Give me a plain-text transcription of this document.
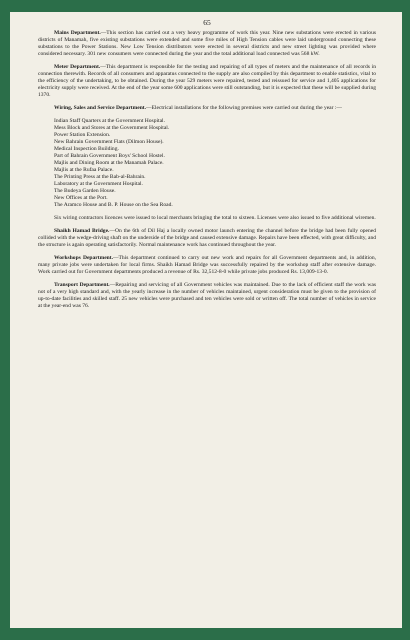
65

Mains Department.—This section has carried out a very heavy programme of work this year. Nine new substations were erected in various districts of Manamah, five existing substations were extended and some five miles of High Tension cables were laid underground connecting these substations to the Power Stations. New Low Tension distributors were erected in several districts and new street lighting was provided where considered necessary. 301 new consumers were connected during the year and the total additional load connected was 568 kW.

Meter Department.—This department is responsible for the testing and repairing of all types of meters and the maintenance of all records in connection therewith. Records of all consumers and apparatus connected to the supply are also compiled by this department to enable statistics, vital to the efficiency of the undertaking, to be obtained. During the year 529 meters were repaired, tested and reissued for service and 1,405 applications for electricity supply were received. At the end of the year some 600 applications were still outstanding, but it is expected that these will be supplied during 1370.

Wiring, Sales and Service Department.—Electrical installations for the following premises were carried out during the year :—

Indian Staff Quarters at the Government Hospital.
Mess Block and Stores at the Government Hospital.
Power Station Extension.
New Bahrain Government Flats (Dilmon House).
Medical Inspection Building.
Part of Bahrain Government Boys' School Hostel.
Majlis and Dining Room at the Manamah Palace.
Majlis at the Rufaa Palace.
The Printing Press at the Bab-al-Bahrain.
Laboratory at the Government Hospital.
The Budeya Garden House.
New Offices at the Port.
The Aramco House and B. P. House on the Sea Road.

Six wiring contractors licences were issued to local merchants bringing the total to sixteen. Licenses were also issued to five additional wiremen.

Shaikh Hamad Bridge.—On the 6th of Dil Haj a locally owned motor launch entering the channel before the bridge had been fully opened collided with the wedge-driving shaft on the underside of the bridge and caused extensive damage. Repairs have been effected, with great difficulty, and the structure is again operating satisfactorily. Normal maintenance work has continued throughout the year.

Workshops Department.—This department continued to carry out new work and repairs for all Government departments and, in addition, many private jobs were undertaken for local firms. Shaikh Hamad Bridge was successfully repaired by the workshop staff after extensive damage. Work carried out for Government departments produced a revenue of Rs. 32,512-8-0 while private jobs produced Rs. 13,009-13-0.

Transport Department.—Repairing and servicing of all Government vehicles was maintained. Due to the lack of efficient staff the work was not of a very high standard and, with the yearly increase in the number of vehicles maintained, urgent consideration must be given to the provision of up-to-date facilities and skilled staff. 25 new vehicles were purchased and ten vehicles were sold or written off. The total number of vehicles in service at the year-end was 76.
